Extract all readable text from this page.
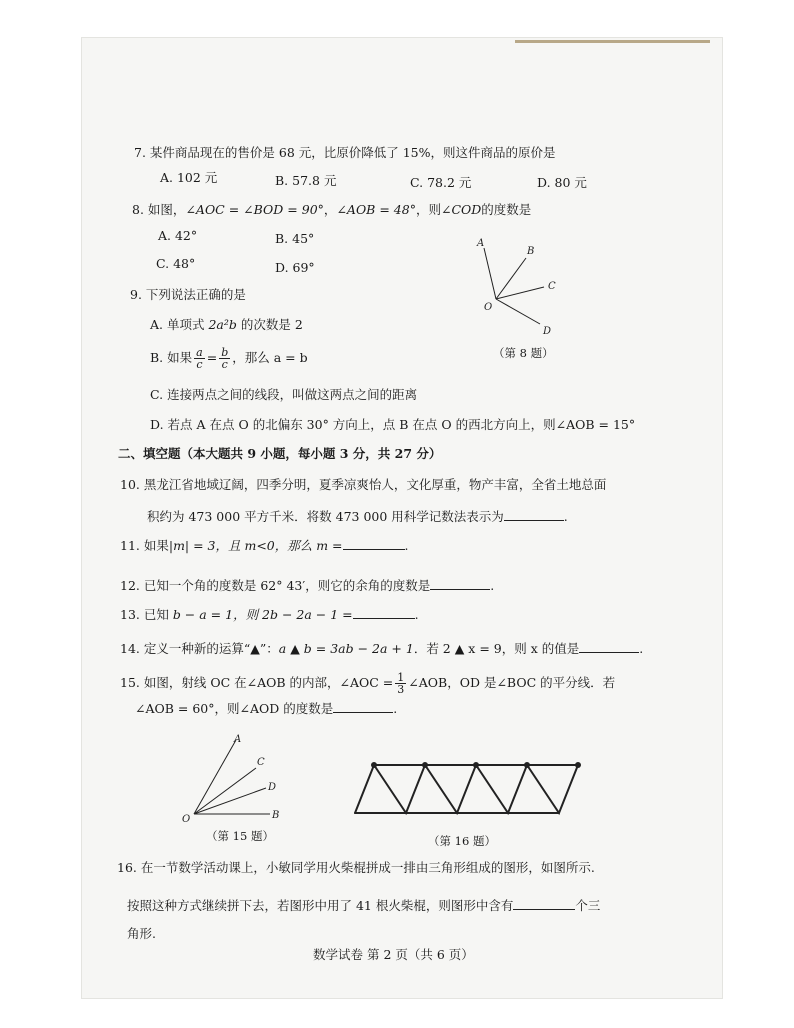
7. 某件商品现在的售价是 68 元，比原价降低了 15%，则这件商品的原价是
A. 102 元	B. 57.8 元	C. 78.2 元	D. 80 元
8. 如图，∠AOC = ∠BOD = 90°，∠AOB = 48°，则∠COD的度数是
A. 42°	B. 45°
C. 48°	D. 69°
A
B
C
O
D
（第 8 题）
9. 下列说法正确的是
A. 单项式 2a²b 的次数是 2
B. 如果 $\frac{a}{c} = \frac{b}{c}$ ，那么 a = b
C. 连接两点之间的线段，叫做这两点之间的距离
D. 若点 A 在点 O 的北偏东 30° 方向上，点 B 在点 O 的西北方向上，则∠AOB = 15°
二、填空题（本大题共 9 小题，每小题 3 分，共 27 分）
10. 黑龙江省地域辽阔，四季分明，夏季凉爽怡人，文化厚重，物产丰富，全省土地总面
积约为 473 000 平方千米．将数 473 000 用科学记数法表示为	.
11. 如果|m| = 3，且 m<0，那么 m =	.
12. 已知一个角的度数是 62° 43′，则它的余角的度数是	.
13. 已知 b − a = 1，则 2b − 2a − 1 =	.
14. 定义一种新的运算“▲”：a ▲ b = 3ab − 2a + 1．若 2 ▲ x = 9，则 x 的值是	.
15. 如图，射线 OC 在∠AOB 的内部，∠AOC = $\frac{1}{3}$ ∠AOB，OD 是∠BOC 的平分线．若
∠AOB = 60°，则∠AOD 的度数是	.
A
C
D
O	B
（第 15 题）	（第 16 题）
16. 在一节数学活动课上，小敏同学用火柴棍拼成一排由三角形组成的图形，如图所示.
按照这种方式继续拼下去，若图形中用了 41 根火柴棍，则图形中含有	个三
角形.
数学试卷 第 2 页（共 6 页）
